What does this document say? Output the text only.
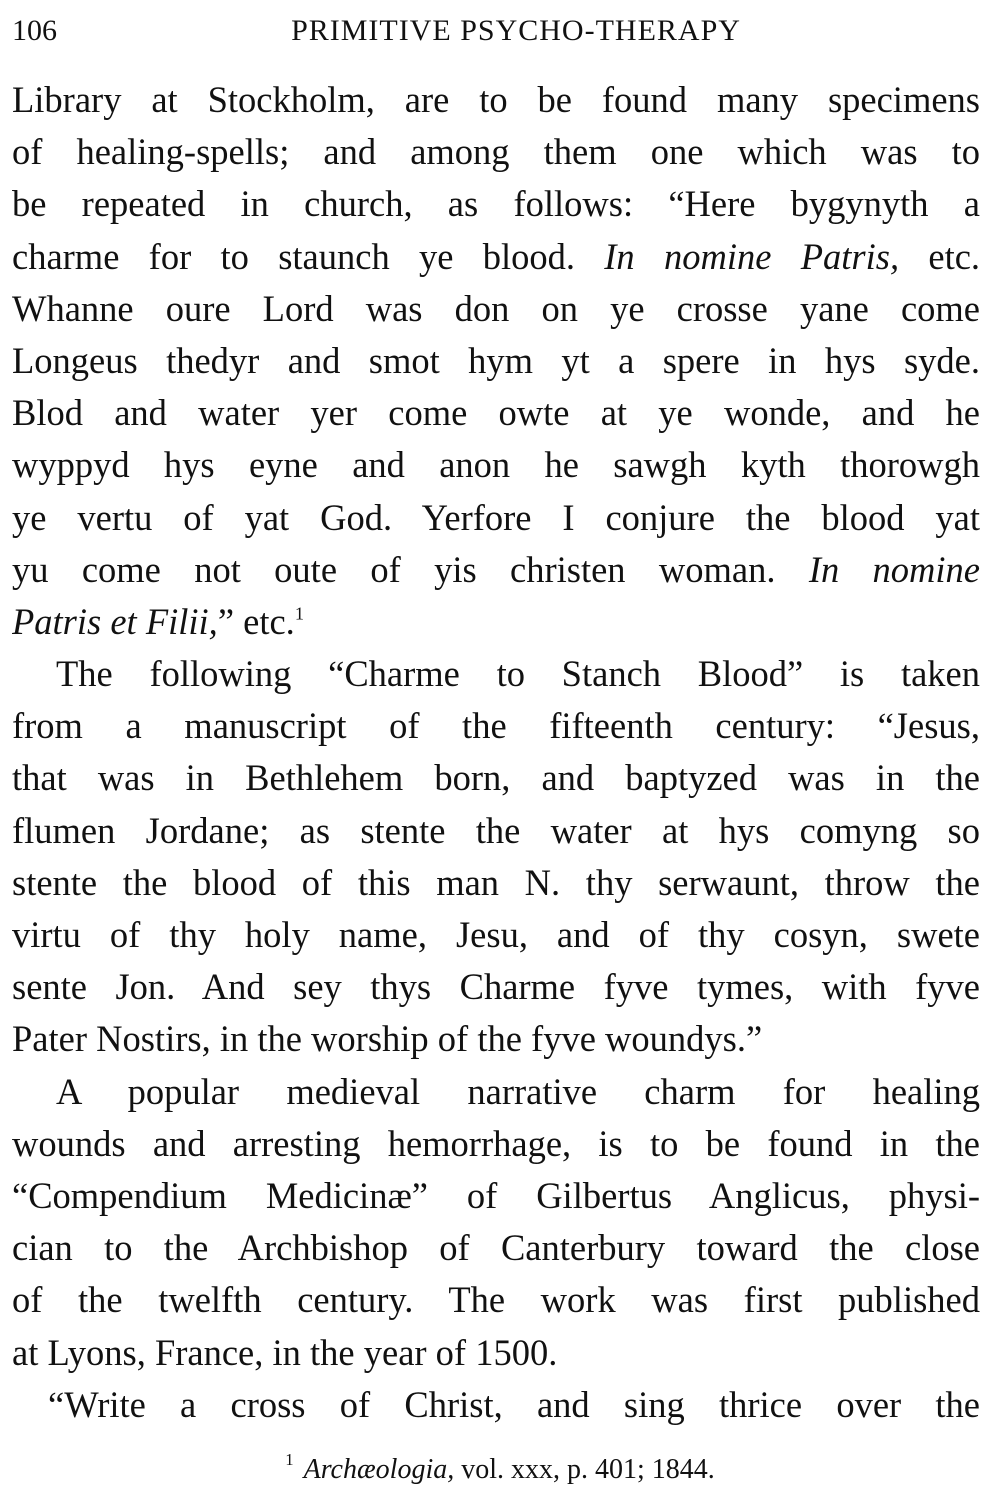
106	PRIMITIVE PSYCHO-THERAPY
Library at Stockholm, are to be found many specimens
of healing-spells; and among them one which was to
be repeated in church, as follows: “Here bygynyth a
charme for to staunch ye blood. In nomine Patris, etc.
Whanne oure Lord was don on ye crosse yane come
Longeus thedyr and smot hym yt a spere in hys syde.
Blod and water yer come owte at ye wonde, and he
wyppyd hys eyne and anon he sawgh kyth thorowgh
ye vertu of yat God. Yerfore I conjure the blood yat
yu come not oute of yis christen woman. In nomine
Patris et Filii,” etc.$^1$
The following “Charme to Stanch Blood” is taken
from a manuscript of the fifteenth century: “Jesus,
that was in Bethlehem born, and baptyzed was in the
flumen Jordane; as stente the water at hys comyng so
stente the blood of this man N. thy serwaunt, throw the
virtu of thy holy name, Jesu, and of thy cosyn, swete
sente Jon. And sey thys Charme fyve tymes, with fyve
Pater Nostirs, in the worship of the fyve woundys.”
A popular medieval narrative charm for healing
wounds and arresting hemorrhage, is to be found in the
“Compendium Medicinæ” of Gilbertus Anglicus, physi-
cian to the Archbishop of Canterbury toward the close
of the twelfth century. The work was first published
at Lyons, France, in the year of 1500.
“Write a cross of Christ, and sing thrice over the
$^1$ Archæologia, vol. xxx, p. 401; 1844.
